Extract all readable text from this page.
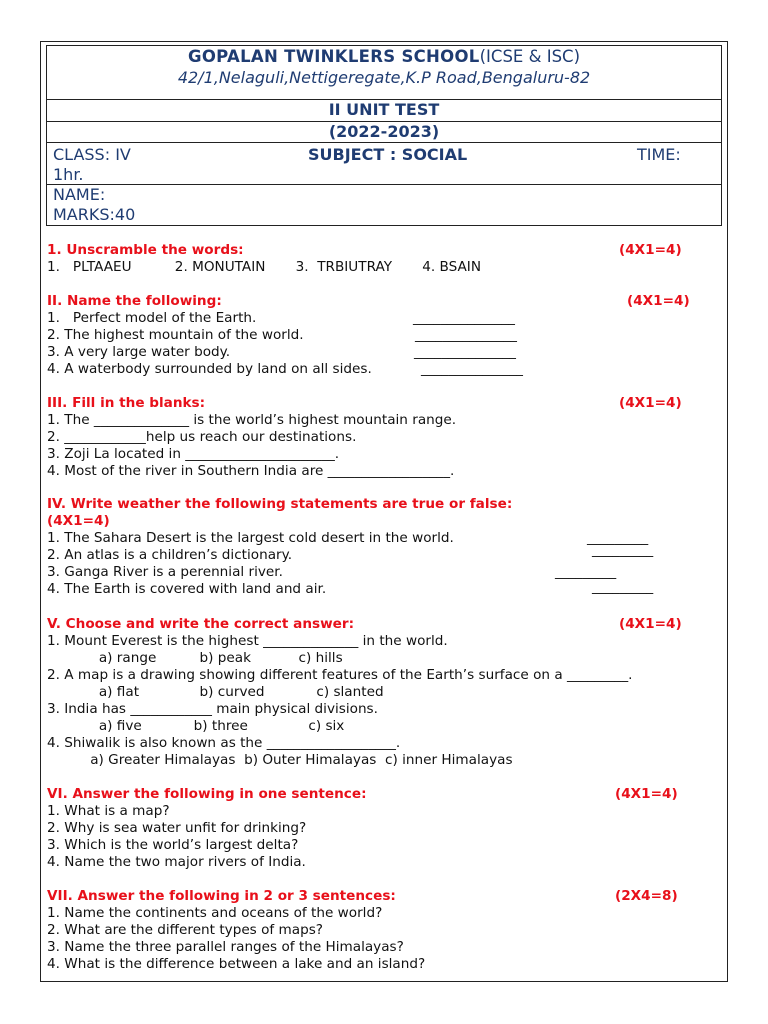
GOPALAN TWINKLERS SCHOOL(ICSE & ISC)
42/1,Nelaguli,Nettigeregate,K.P Road,Bengaluru-82
II UNIT TEST
(2022-2023)
CLASS: IV	SUBJECT : SOCIAL	TIME:
1hr.
NAME:
MARKS:40
1. Unscramble the words:	(4X1=4)
1.   PLTAAEU          2. MONUTAIN       3.  TRBIUTRAY       4. BSAIN
II. Name the following:	(4X1=4)
1.   Perfect model of the Earth.	_______________
2. The highest mountain of the world.	_______________
3. A very large water body.	_______________
4. A waterbody surrounded by land on all sides.	_______________
III. Fill in the blanks:	(4X1=4)
1. The ______________ is the world’s highest mountain range.
2. ____________help us reach our destinations.
3. Zoji La located in ______________________.
4. Most of the river in Southern India are __________________.
IV. Write weather the following statements are true or false:
(4X1=4)
1. The Sahara Desert is the largest cold desert in the world.	_________
2. An atlas is a children’s dictionary.	_________
3. Ganga River is a perennial river.	_________
4. The Earth is covered with land and air.	_________
V. Choose and write the correct answer:	(4X1=4)
1. Mount Everest is the highest ______________ in the world.
a) range          b) peak           c) hills
2. A map is a drawing showing different features of the Earth’s surface on a _________.
a) flat              b) curved            c) slanted
3. India has ____________ main physical divisions.
a) five            b) three              c) six
4. Shiwalik is also known as the ___________________.
a) Greater Himalayas  b) Outer Himalayas  c) inner Himalayas
VI. Answer the following in one sentence:	(4X1=4)
1. What is a map?
2. Why is sea water unfit for drinking?
3. Which is the world’s largest delta?
4. Name the two major rivers of India.
VII. Answer the following in 2 or 3 sentences:	(2X4=8)
1. Name the continents and oceans of the world?
2. What are the different types of maps?
3. Name the three parallel ranges of the Himalayas?
4. What is the difference between a lake and an island?
